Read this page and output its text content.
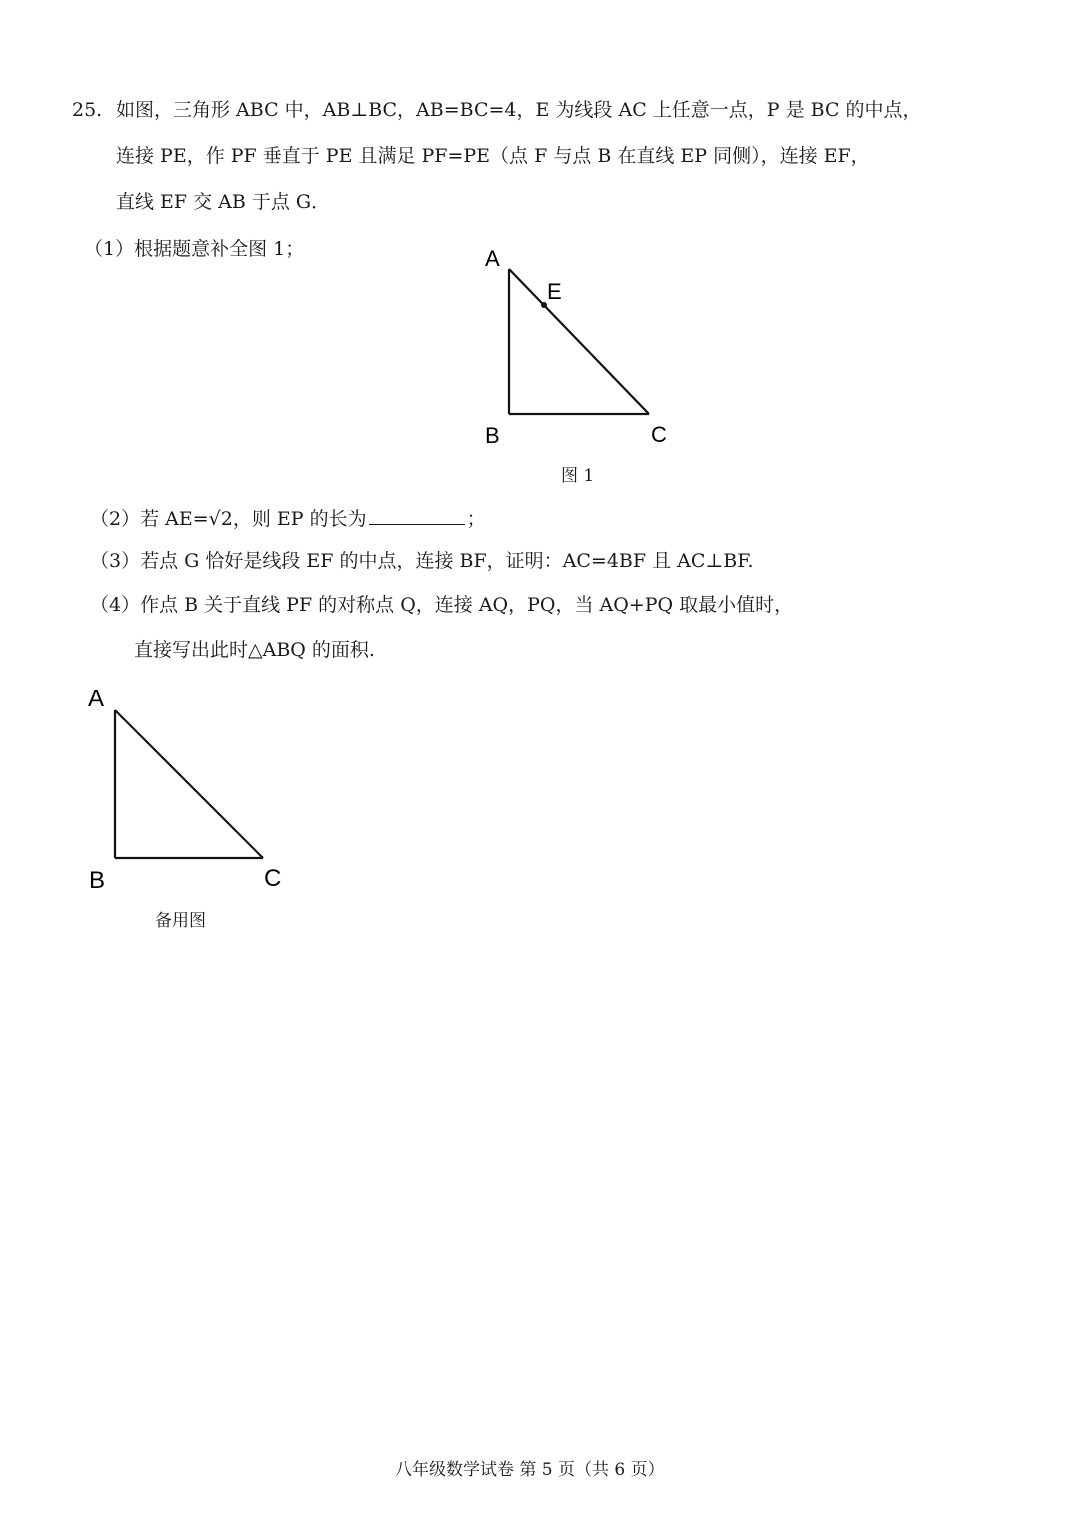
25. 如图，三角形 ABC 中，AB⊥BC，AB=BC=4，E 为线段 AC 上任意一点，P 是 BC 的中点，
连接 PE，作 PF 垂直于 PE 且满足 PF=PE（点 F 与点 B 在直线 EP 同侧），连接 EF，
直线 EF 交 AB 于点 G．
（1）根据题意补全图 1；	A
E
B	C
图 1
（2）若 AE=√2，则 EP 的长为	；
（3）若点 G 恰好是线段 EF 的中点，连接 BF，证明：AC=4BF 且 AC⊥BF.
（4）作点 B 关于直线 PF 的对称点 Q，连接 AQ，PQ，当 AQ+PQ 取最小值时，
直接写出此时△ABQ 的面积.
A
B	C
备用图
八年级数学试卷 第 5 页（共 6 页）
